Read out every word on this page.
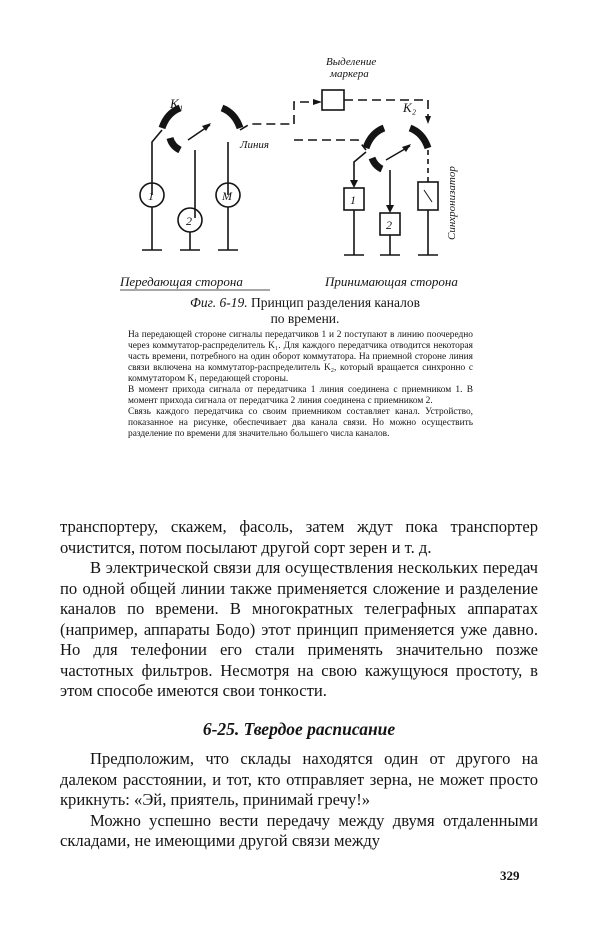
K₁
1
2
M
Линия
Выделение
маркера
K₂
1
2	Синхронизатор
Передающая сторона	Принимающая сторона
Фиг. 6-19. Принцип разделения каналов
по времени.

На передающей стороне сигналы передатчиков 1 и 2 поступают в линию поочередно через коммутатор-распределитель K₁. Для каждого передатчика отводится некоторая часть времени, потребного на один оборот коммутатора. На приемной стороне линия связи включена на коммутатор-распределитель K₂, который вращается синхронно с коммутатором K₁ передающей стороны.

В момент прихода сигнала от передатчика 1 линия соединена с приемником 1. В момент прихода сигнала от передатчика 2 линия соединена с приемником 2.

Связь каждого передатчика со своим приемником составляет канал. Устройство, показанное на рисунке, обеспечивает два канала связи. Но можно осуществить разделение по времени для значительно большего числа каналов.

транспортеру, скажем, фасоль, затем ждут пока транспортер очистится, потом посылают другой сорт зерен и т. д.

В электрической связи для осуществления нескольких передач по одной общей линии также применяется сложение и разделение каналов по времени. В многократных телеграфных аппаратах (например, аппараты Бодо) этот принцип применяется уже давно. Но для телефонии его стали применять значительно позже частотных фильтров. Несмотря на свою кажущуюся простоту, в этом способе имеются свои тонкости.

6-25. Твердое расписание

Предположим, что склады находятся один от другого на далеком расстоянии, и тот, кто отправляет зерна, не может просто крикнуть: «Эй, приятель, принимай гречу!»

Можно успешно вести передачу между двумя отдаленными складами, не имеющими другой связи между

329
